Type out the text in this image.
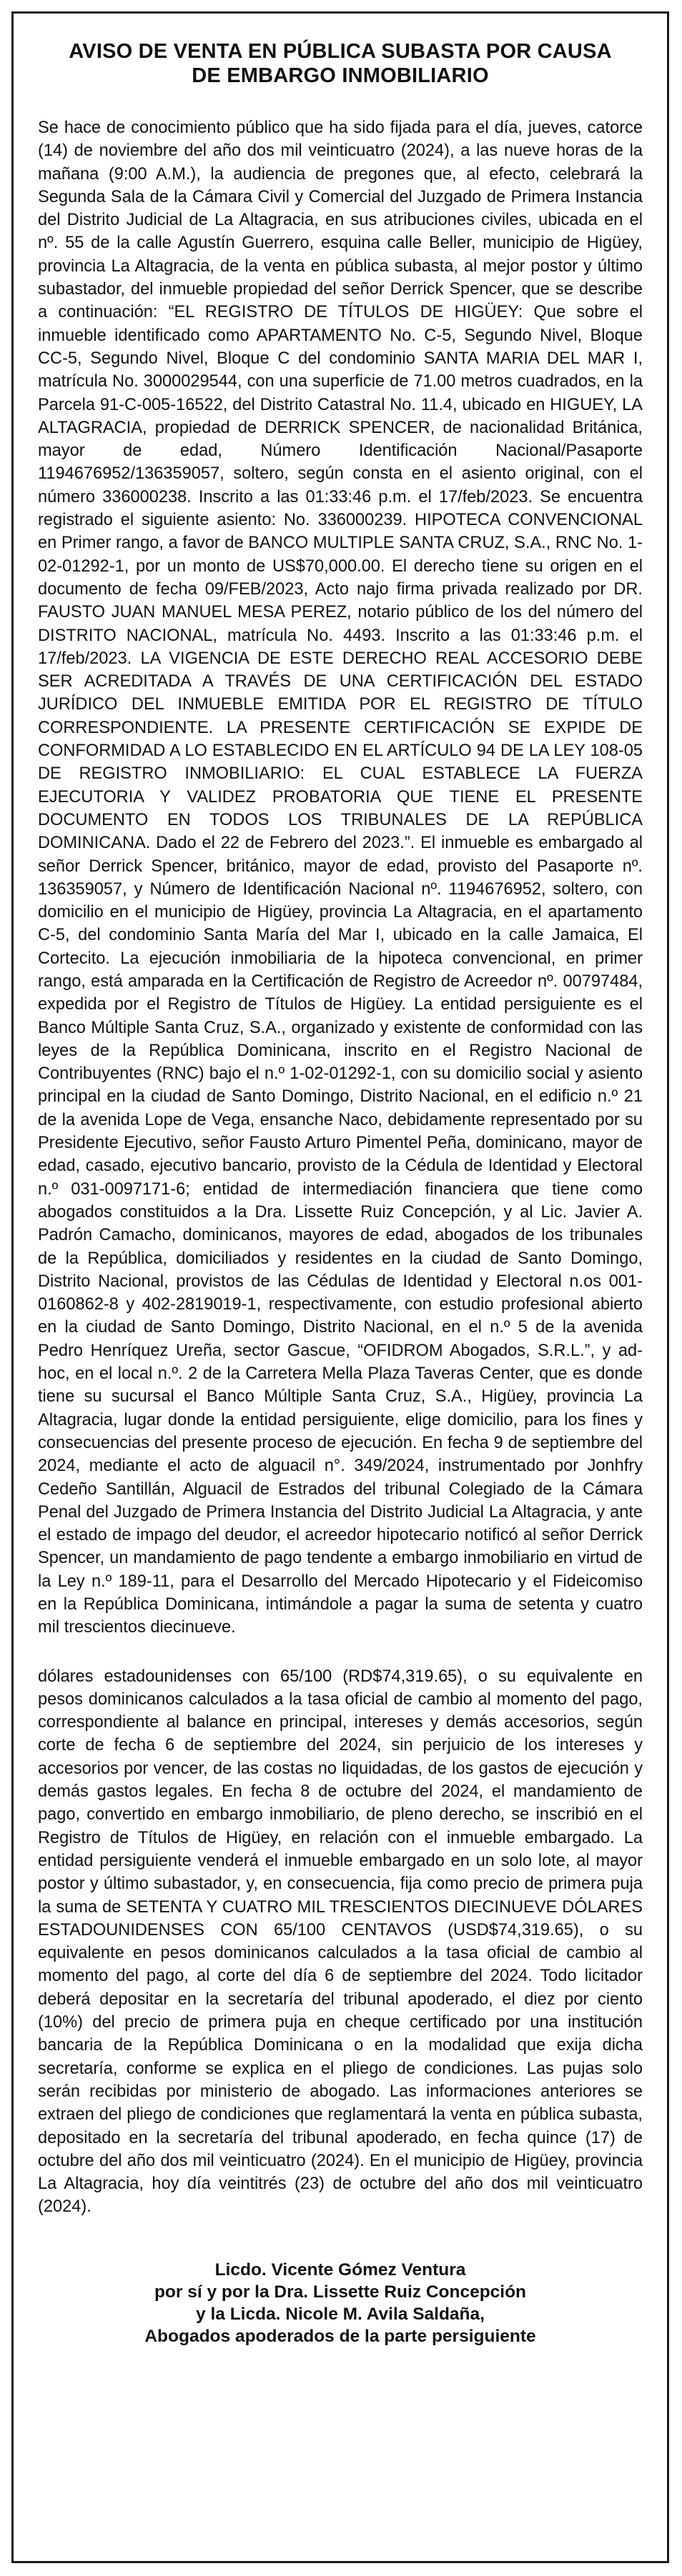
AVISO DE VENTA EN PÚBLICA SUBASTA POR CAUSA
DE EMBARGO INMOBILIARIO

Se hace de conocimiento público que ha sido fijada para el día, jueves, catorce (14) de noviembre del año dos mil veinticuatro (2024), a las nueve horas de la mañana (9:00 A.M.), la audiencia de pregones que, al efecto, celebrará la Segunda Sala de la Cámara Civil y Comercial del Juzgado de Primera Instancia del Distrito Judicial de La Altagracia, en sus atribuciones civiles, ubicada en el nº. 55 de la calle Agustín Guerrero, esquina calle Beller, municipio de Higüey, provincia La Altagracia, de la venta en pública subasta, al mejor postor y último subastador, del inmueble propiedad del señor Derrick Spencer, que se describe a continuación: “EL REGISTRO DE TÍTULOS DE HIGÜEY: Que sobre el inmueble identificado como APARTAMENTO No. C-5, Segundo Nivel, Bloque CC-5, Segundo Nivel, Bloque C del condominio SANTA MARIA DEL MAR I, matrícula No. 3000029544, con una superficie de 71.00 metros cuadrados, en la Parcela 91-C-005-16522, del Distrito Catastral No. 11.4, ubicado en HIGUEY, LA ALTAGRACIA, propiedad de DERRICK SPENCER, de nacionalidad Británica, mayor de edad, Número Identificación Nacional/Pasaporte 1194676952/136359057, soltero, según consta en el asiento original, con el número 336000238. Inscrito a las 01:33:46 p.m. el 17/feb/2023. Se encuentra registrado el siguiente asiento: No. 336000239. HIPOTECA CONVENCIONAL en Primer rango, a favor de BANCO MULTIPLE SANTA CRUZ, S.A., RNC No. 1-02-01292-1, por un monto de US$70,000.00. El derecho tiene su origen en el documento de fecha 09/FEB/2023, Acto najo firma privada realizado por DR. FAUSTO JUAN MANUEL MESA PEREZ, notario público de los del número del DISTRITO NACIONAL, matrícula No. 4493. Inscrito a las 01:33:46 p.m. el 17/feb/2023. LA VIGENCIA DE ESTE DERECHO REAL ACCESORIO DEBE SER ACREDITADA A TRAVÉS DE UNA CERTIFICACIÓN DEL ESTADO JURÍDICO DEL INMUEBLE EMITIDA POR EL REGISTRO DE TÍTULO CORRESPONDIENTE. LA PRESENTE CERTIFICACIÓN SE EXPIDE DE CONFORMIDAD A LO ESTABLECIDO EN EL ARTÍCULO 94 DE LA LEY 108-05 DE REGISTRO INMOBILIARIO: EL CUAL ESTABLECE LA FUERZA EJECUTORIA Y VALIDEZ PROBATORIA QUE TIENE EL PRESENTE DOCUMENTO EN TODOS LOS TRIBUNALES DE LA REPÚBLICA DOMINICANA. Dado el 22 de Febrero del 2023.”. El inmueble es embargado al señor Derrick Spencer, británico, mayor de edad, provisto del Pasaporte nº. 136359057, y Número de Identificación Nacional nº. 1194676952, soltero, con domicilio en el municipio de Higüey, provincia La Altagracia, en el apartamento C-5, del condominio Santa María del Mar I, ubicado en la calle Jamaica, El Cortecito. La ejecución inmobiliaria de la hipoteca convencional, en primer rango, está amparada en la Certificación de Registro de Acreedor nº. 00797484, expedida por el Registro de Títulos de Higüey. La entidad persiguiente es el Banco Múltiple Santa Cruz, S.A., organizado y existente de conformidad con las leyes de la República Dominicana, inscrito en el Registro Nacional de Contribuyentes (RNC) bajo el n.º 1-02-01292-1, con su domicilio social y asiento principal en la ciudad de Santo Domingo, Distrito Nacional, en el edificio n.º 21 de la avenida Lope de Vega, ensanche Naco, debidamente representado por su Presidente Ejecutivo, señor Fausto Arturo Pimentel Peña, dominicano, mayor de edad, casado, ejecutivo bancario, provisto de la Cédula de Identidad y Electoral n.º 031-0097171-6; entidad de intermediación financiera que tiene como abogados constituidos a la Dra. Lissette Ruiz Concepción, y al Lic. Javier A. Padrón Camacho, dominicanos, mayores de edad, abogados de los tribunales de la República, domiciliados y residentes en la ciudad de Santo Domingo, Distrito Nacional, provistos de las Cédulas de Identidad y Electoral n.os 001-0160862-8 y 402-2819019-1, respectivamente, con estudio profesional abierto en la ciudad de Santo Domingo, Distrito Nacional, en el n.º 5 de la avenida Pedro Henríquez Ureña, sector Gascue, “OFIDROM Abogados, S.R.L.”, y ad-hoc, en el local n.º. 2 de la Carretera Mella Plaza Taveras Center, que es donde tiene su sucursal el Banco Múltiple Santa Cruz, S.A., Higüey, provincia La Altagracia, lugar donde la entidad persiguiente, elige domicilio, para los fines y consecuencias del presente proceso de ejecución. En fecha 9 de septiembre del 2024, mediante el acto de alguacil n°. 349/2024, instrumentado por Jonhfry Cedeño Santillán, Alguacil de Estrados del tribunal Colegiado de la Cámara Penal del Juzgado de Primera Instancia del Distrito Judicial La Altagracia, y ante el estado de impago del deudor, el acreedor hipotecario notificó al señor Derrick Spencer, un mandamiento de pago tendente a embargo inmobiliario en virtud de la Ley n.º 189-11, para el Desarrollo del Mercado Hipotecario y el Fideicomiso en la República Dominicana, intimándole a pagar la suma de setenta y cuatro mil trescientos diecinueve.

dólares estadounidenses con 65/100 (RD$74,319.65), o su equivalente en pesos dominicanos calculados a la tasa oficial de cambio al momento del pago, correspondiente al balance en principal, intereses y demás accesorios, según corte de fecha 6 de septiembre del 2024, sin perjuicio de los intereses y accesorios por vencer, de las costas no liquidadas, de los gastos de ejecución y demás gastos legales. En fecha 8 de octubre del 2024, el mandamiento de pago, convertido en embargo inmobiliario, de pleno derecho, se inscribió en el Registro de Títulos de Higüey, en relación con el inmueble embargado. La entidad persiguiente venderá el inmueble embargado en un solo lote, al mayor postor y último subastador, y, en consecuencia, fija como precio de primera puja la suma de SETENTA Y CUATRO MIL TRESCIENTOS DIECINUEVE DÓLARES ESTADOUNIDENSES CON 65/100 CENTAVOS (USD$74,319.65), o su equivalente en pesos dominicanos calculados a la tasa oficial de cambio al momento del pago, al corte del día 6 de septiembre del 2024. Todo licitador deberá depositar en la secretaría del tribunal apoderado, el diez por ciento (10%) del precio de primera puja en cheque certificado por una institución bancaria de la República Dominicana o en la modalidad que exija dicha secretaría, conforme se explica en el pliego de condiciones. Las pujas solo serán recibidas por ministerio de abogado. Las informaciones anteriores se extraen del pliego de condiciones que reglamentará la venta en pública subasta, depositado en la secretaría del tribunal apoderado, en fecha quince (17) de octubre del año dos mil veinticuatro (2024). En el municipio de Higüey, provincia La Altagracia, hoy día veintitrés (23) de octubre del año dos mil veinticuatro (2024).

Licdo. Vicente Gómez Ventura
por sí y por la Dra. Lissette Ruiz Concepción
y la Licda. Nicole M. Avila Saldaña,
Abogados apoderados de la parte persiguiente
